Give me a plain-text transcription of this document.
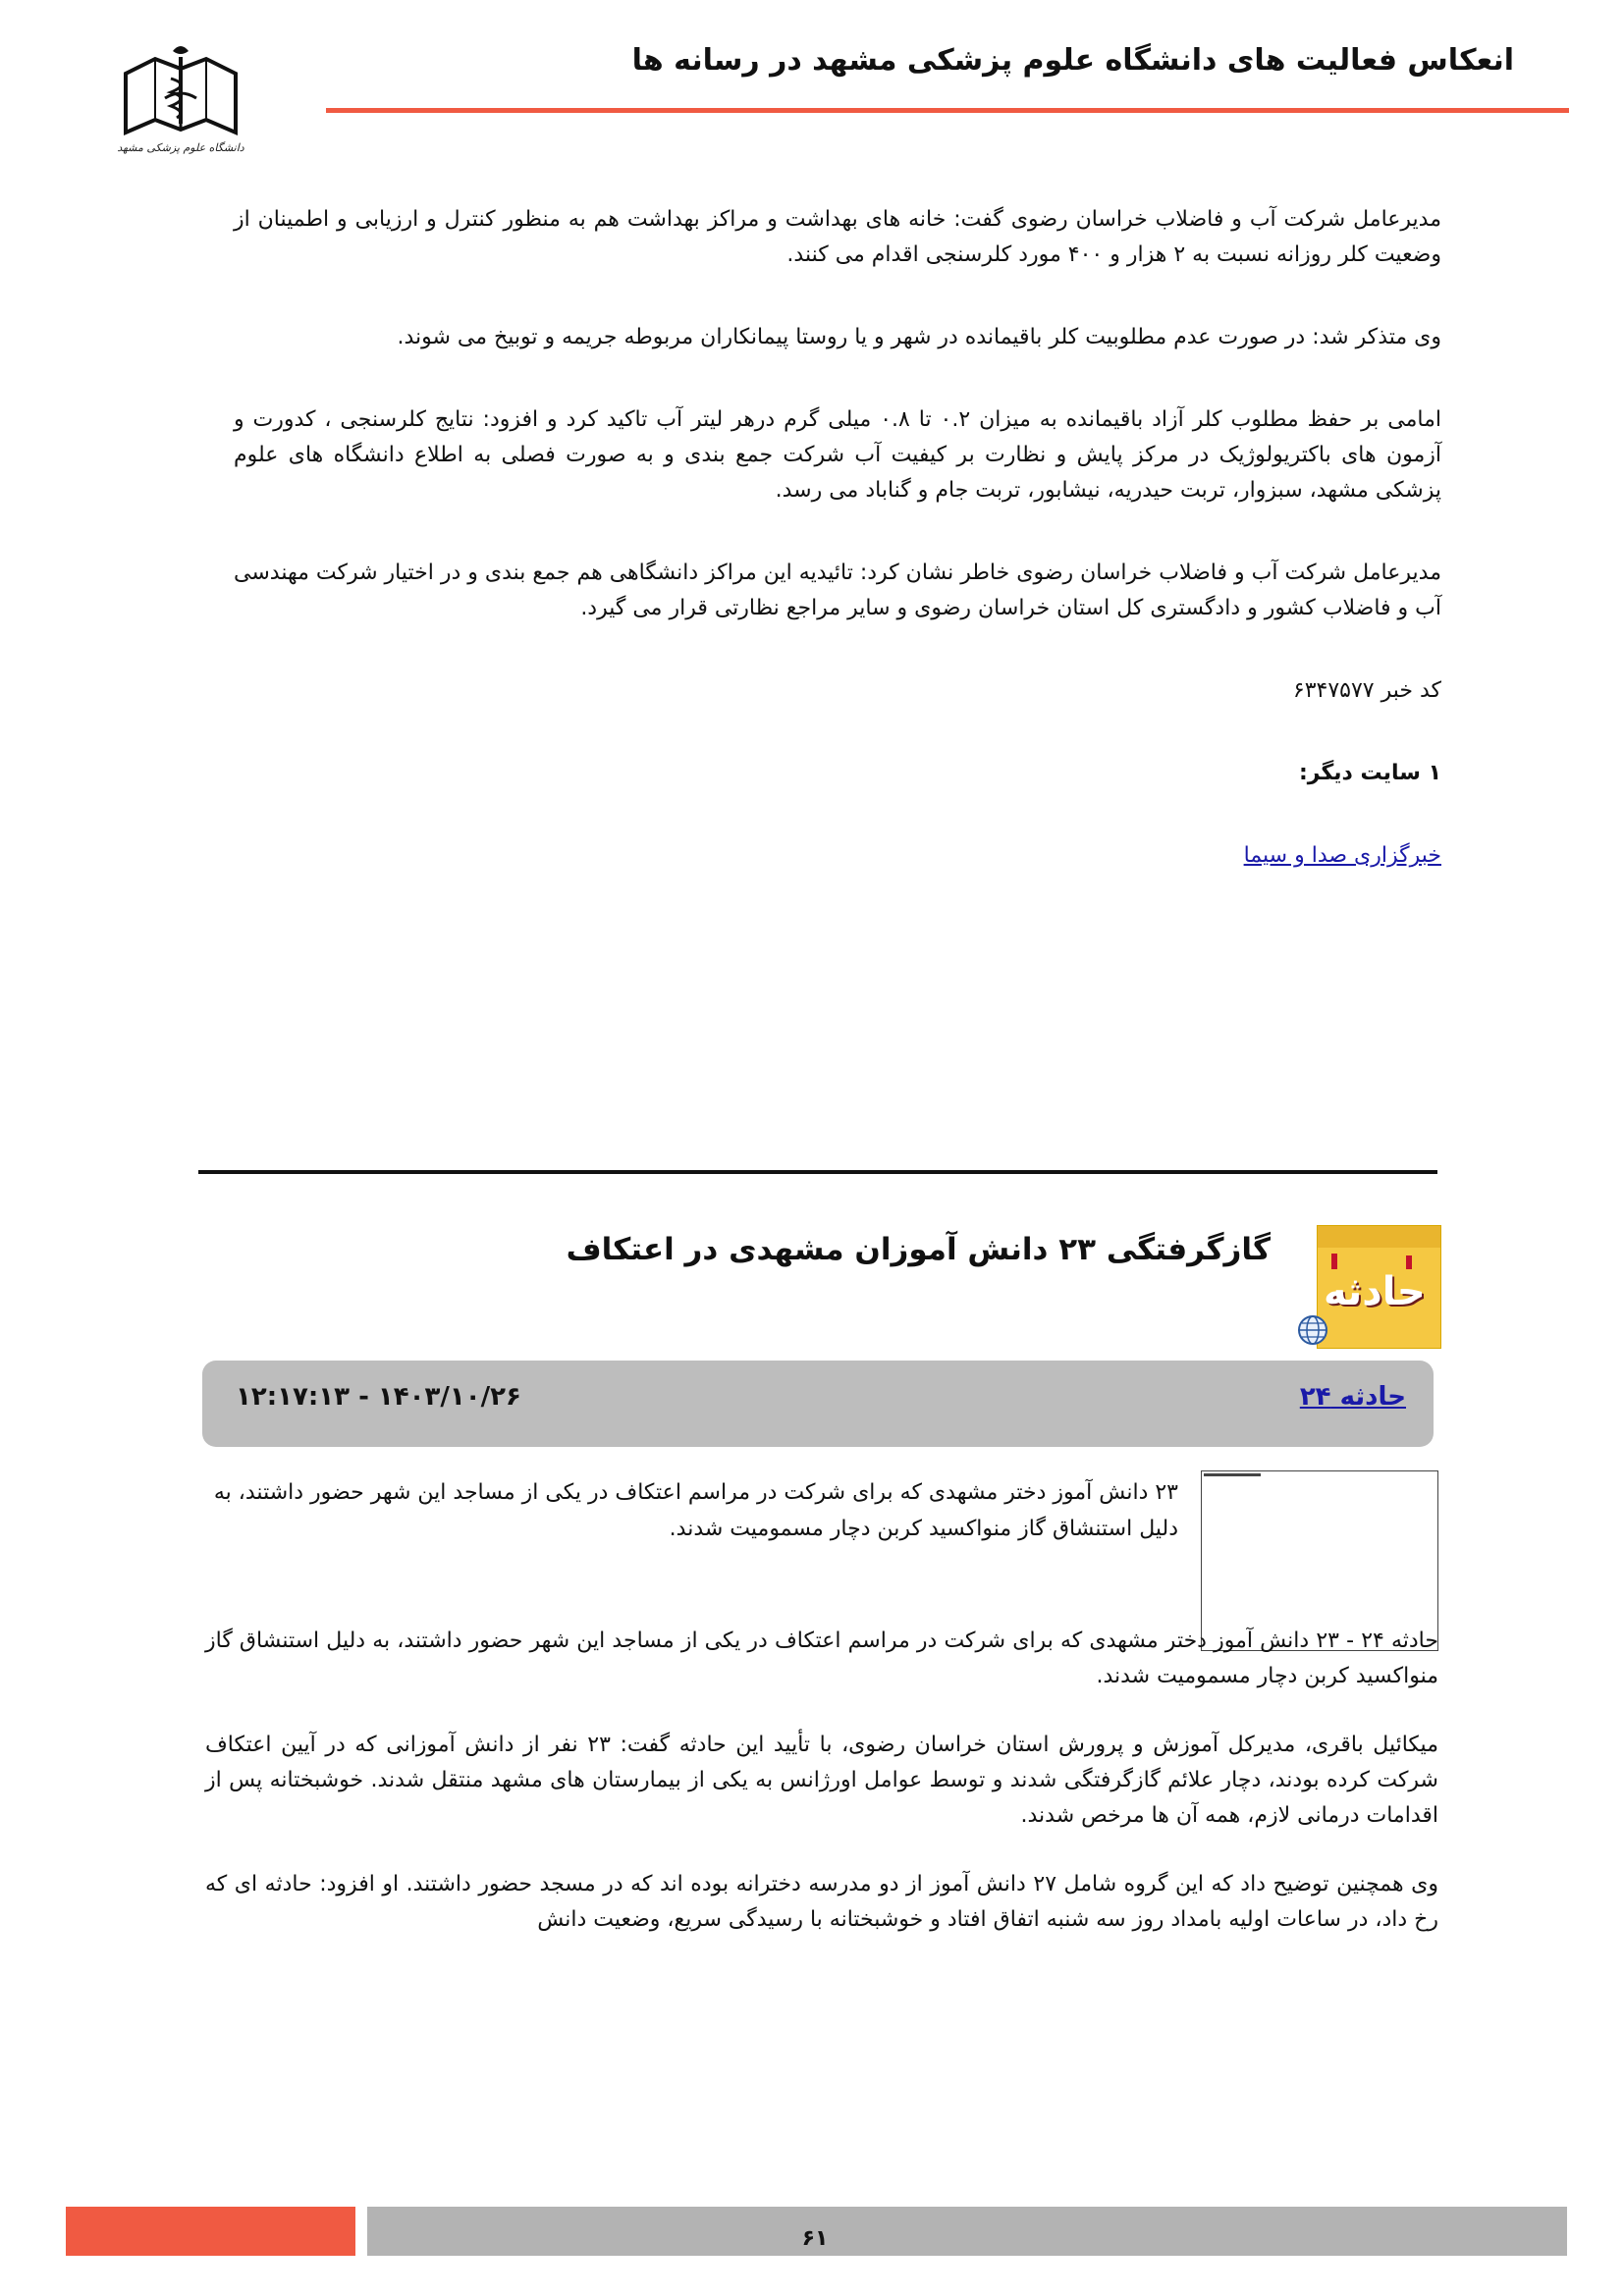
دانشگاه علوم پزشکی مشهد
انعکاس فعالیت های دانشگاه علوم پزشکی مشهد در رسانه ها

مدیرعامل شرکت آب و فاضلاب خراسان رضوی گفت: خانه های بهداشت و مراکز بهداشت هم به منظور کنترل و ارزیابی و اطمینان از وضعیت کلر روزانه نسبت به ۲ هزار و ۴۰۰ مورد کلرسنجی اقدام می کنند.

وی متذکر شد: در صورت عدم مطلوبیت کلر باقیمانده در شهر و یا روستا پیمانکاران مربوطه جریمه و توبیخ می شوند.

امامی بر حفظ مطلوب کلر آزاد باقیمانده به میزان ۰.۲ تا ۰.۸ میلی گرم درهر لیتر آب تاکید کرد و افزود: نتایج کلرسنجی ، کدورت و آزمون های باکتریولوژیک در مرکز پایش و نظارت بر کیفیت آب شرکت جمع بندی و به صورت فصلی به اطلاع دانشگاه های علوم پزشکی مشهد، سبزوار، تربت حیدریه، نیشابور، تربت جام و گناباد می رسد.

مدیرعامل شرکت آب و فاضلاب خراسان رضوی خاطر نشان کرد: تائیدیه این مراکز دانشگاهی هم جمع بندی و در اختیار شرکت مهندسی آب و فاضلاب کشور و دادگستری کل استان خراسان رضوی و سایر مراجع نظارتی قرار می گیرد.

کد خبر ۶۳۴۷۵۷۷
۱ سایت دیگر:
خبرگزاری صدا و سیما
حادثه
گازگرفتگی ۲۳ دانش آموزان مشهدی در اعتکاف
حادثه ۲۴
۱۴۰۳/۱۰/۲۶ - ۱۲:۱۷:۱۳

۲۳ دانش آموز دختر مشهدی که برای شرکت در مراسم اعتکاف در یکی از مساجد این شهر حضور داشتند، به دلیل استنشاق گاز منواکسید کربن دچار مسمومیت شدند.

حادثه ۲۴ - ۲۳ دانش آموز دختر مشهدی که برای شرکت در مراسم اعتکاف در یکی از مساجد این شهر حضور داشتند، به دلیل استنشاق گاز منواکسید کربن دچار مسمومیت شدند.

میکائیل باقری، مدیرکل آموزش و پرورش استان خراسان رضوی، با تأیید این حادثه گفت: ۲۳ نفر از دانش آموزانی که در آیین اعتکاف شرکت کرده بودند، دچار علائم گازگرفتگی شدند و توسط عوامل اورژانس به یکی از بیمارستان های مشهد منتقل شدند. خوشبختانه پس از اقدامات درمانی لازم، همه آن ها مرخص شدند.

وی همچنین توضیح داد که این گروه شامل ۲۷ دانش آموز از دو مدرسه دخترانه بوده اند که در مسجد حضور داشتند. او افزود: حادثه ای که رخ داد، در ساعات اولیه بامداد روز سه شنبه اتفاق افتاد و خوشبختانه با رسیدگی سریع، وضعیت دانش

۶۱
